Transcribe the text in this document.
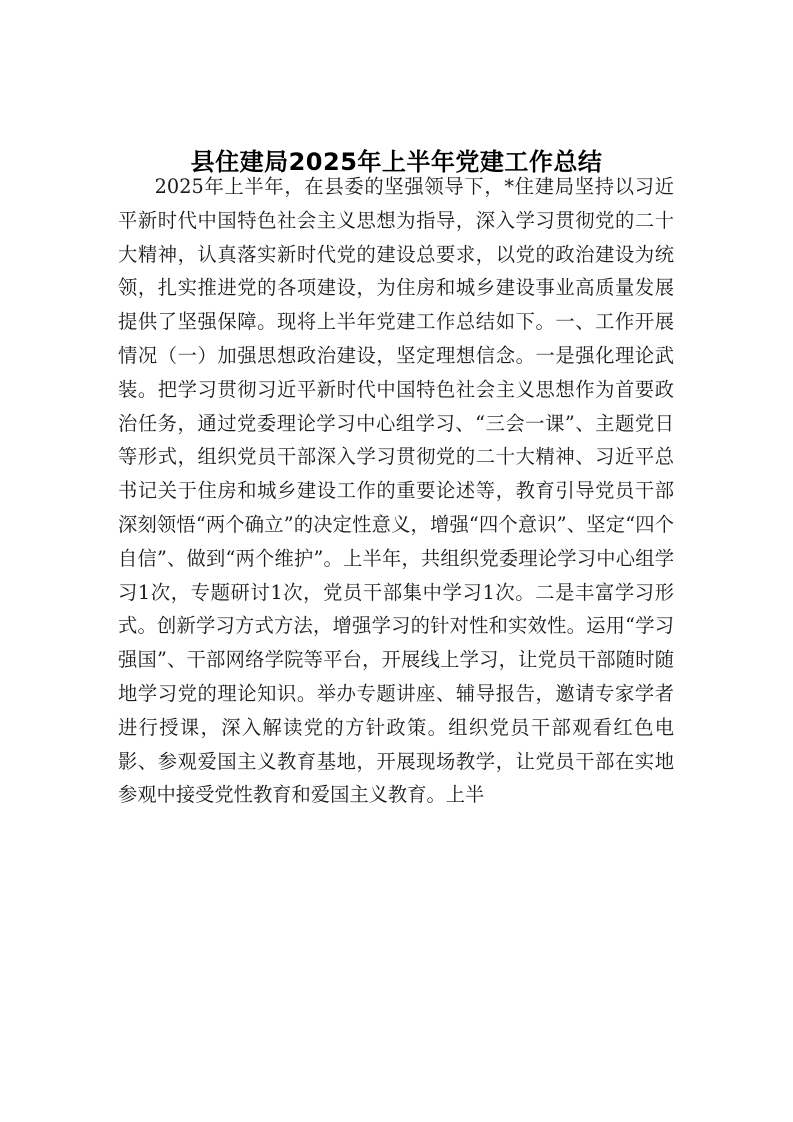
县住建局2025年上半年党建工作总结

2025年上半年，在县委的坚强领导下，*住建局坚持以习近平新时代中国特色社会主义思想为指导，深入学习贯彻党的二十大精神，认真落实新时代党的建设总要求，以党的政治建设为统领，扎实推进党的各项建设，为住房和城乡建设事业高质量发展提供了坚强保障。现将上半年党建工作总结如下。一、工作开展情况（一）加强思想政治建设，坚定理想信念。一是强化理论武装。把学习贯彻习近平新时代中国特色社会主义思想作为首要政治任务，通过党委理论学习中心组学习、“三会一课”、主题党日等形式，组织党员干部深入学习贯彻党的二十大精神、习近平总书记关于住房和城乡建设工作的重要论述等，教育引导党员干部深刻领悟“两个确立”的决定性意义，增强“四个意识”、坚定“四个自信”、做到“两个维护”。上半年，共组织党委理论学习中心组学习1次，专题研讨1次，党员干部集中学习1次。二是丰富学习形式。创新学习方式方法，增强学习的针对性和实效性。运用“学习强国”、干部网络学院等平台，开展线上学习，让党员干部随时随地学习党的理论知识。举办专题讲座、辅导报告，邀请专家学者进行授课，深入解读党的方针政策。组织党员干部观看红色电影、参观爱国主义教育基地，开展现场教学，让党员干部在实地参观中接受党性教育和爱国主义教育。上半
